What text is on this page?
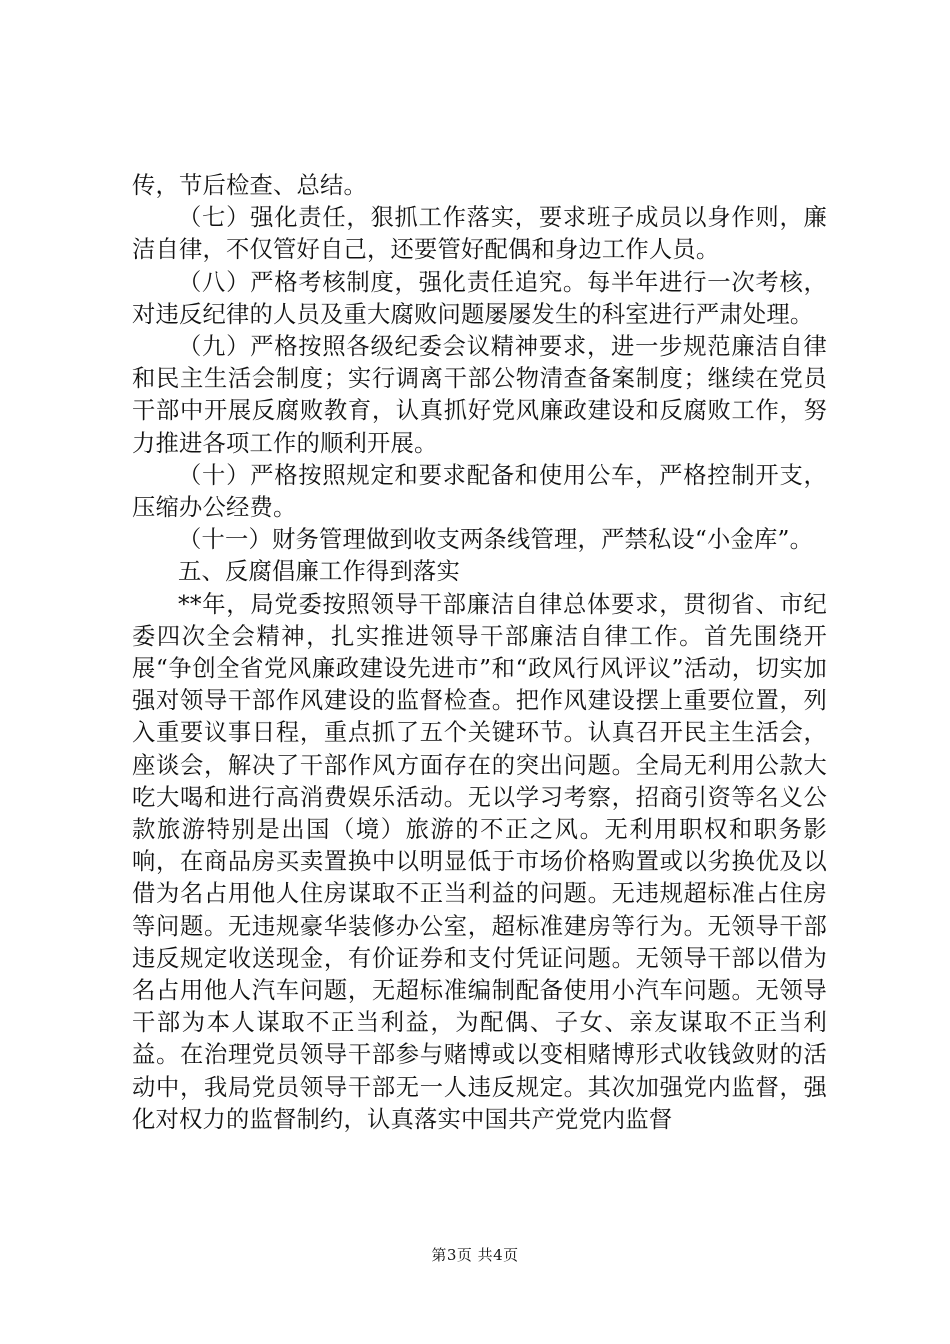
传，节后检查、总结。

（七）强化责任，狠抓工作落实，要求班子成员以身作则，廉洁自律，不仅管好自己，还要管好配偶和身边工作人员。

（八）严格考核制度，强化责任追究。每半年进行一次考核，对违反纪律的人员及重大腐败问题屡屡发生的科室进行严肃处理。

（九）严格按照各级纪委会议精神要求，进一步规范廉洁自律和民主生活会制度；实行调离干部公物清查备案制度；继续在党员干部中开展反腐败教育，认真抓好党风廉政建设和反腐败工作，努力推进各项工作的顺利开展。

（十）严格按照规定和要求配备和使用公车，严格控制开支，压缩办公经费。

（十一）财务管理做到收支两条线管理，严禁私设“小金库”。

五、反腐倡廉工作得到落实

**年，局党委按照领导干部廉洁自律总体要求，贯彻省、市纪委四次全会精神，扎实推进领导干部廉洁自律工作。首先围绕开展“争创全省党风廉政建设先进市”和“政风行风评议”活动，切实加强对领导干部作风建设的监督检查。把作风建设摆上重要位置，列入重要议事日程，重点抓了五个关键环节。认真召开民主生活会，座谈会，解决了干部作风方面存在的突出问题。全局无利用公款大吃大喝和进行高消费娱乐活动。无以学习考察，招商引资等名义公款旅游特别是出国（境）旅游的不正之风。无利用职权和职务影响，在商品房买卖置换中以明显低于市场价格购置或以劣换优及以借为名占用他人住房谋取不正当利益的问题。无违规超标准占住房等问题。无违规豪华装修办公室，超标准建房等行为。无领导干部违反规定收送现金，有价证券和支付凭证问题。无领导干部以借为名占用他人汽车问题，无超标准编制配备使用小汽车问题。无领导干部为本人谋取不正当利益，为配偶、子女、亲友谋取不正当利益。在治理党员领导干部参与赌博或以变相赌博形式收钱敛财的活动中，我局党员领导干部无一人违反规定。其次加强党内监督，强化对权力的监督制约，认真落实中国共产党党内监督

第3页 共4页
